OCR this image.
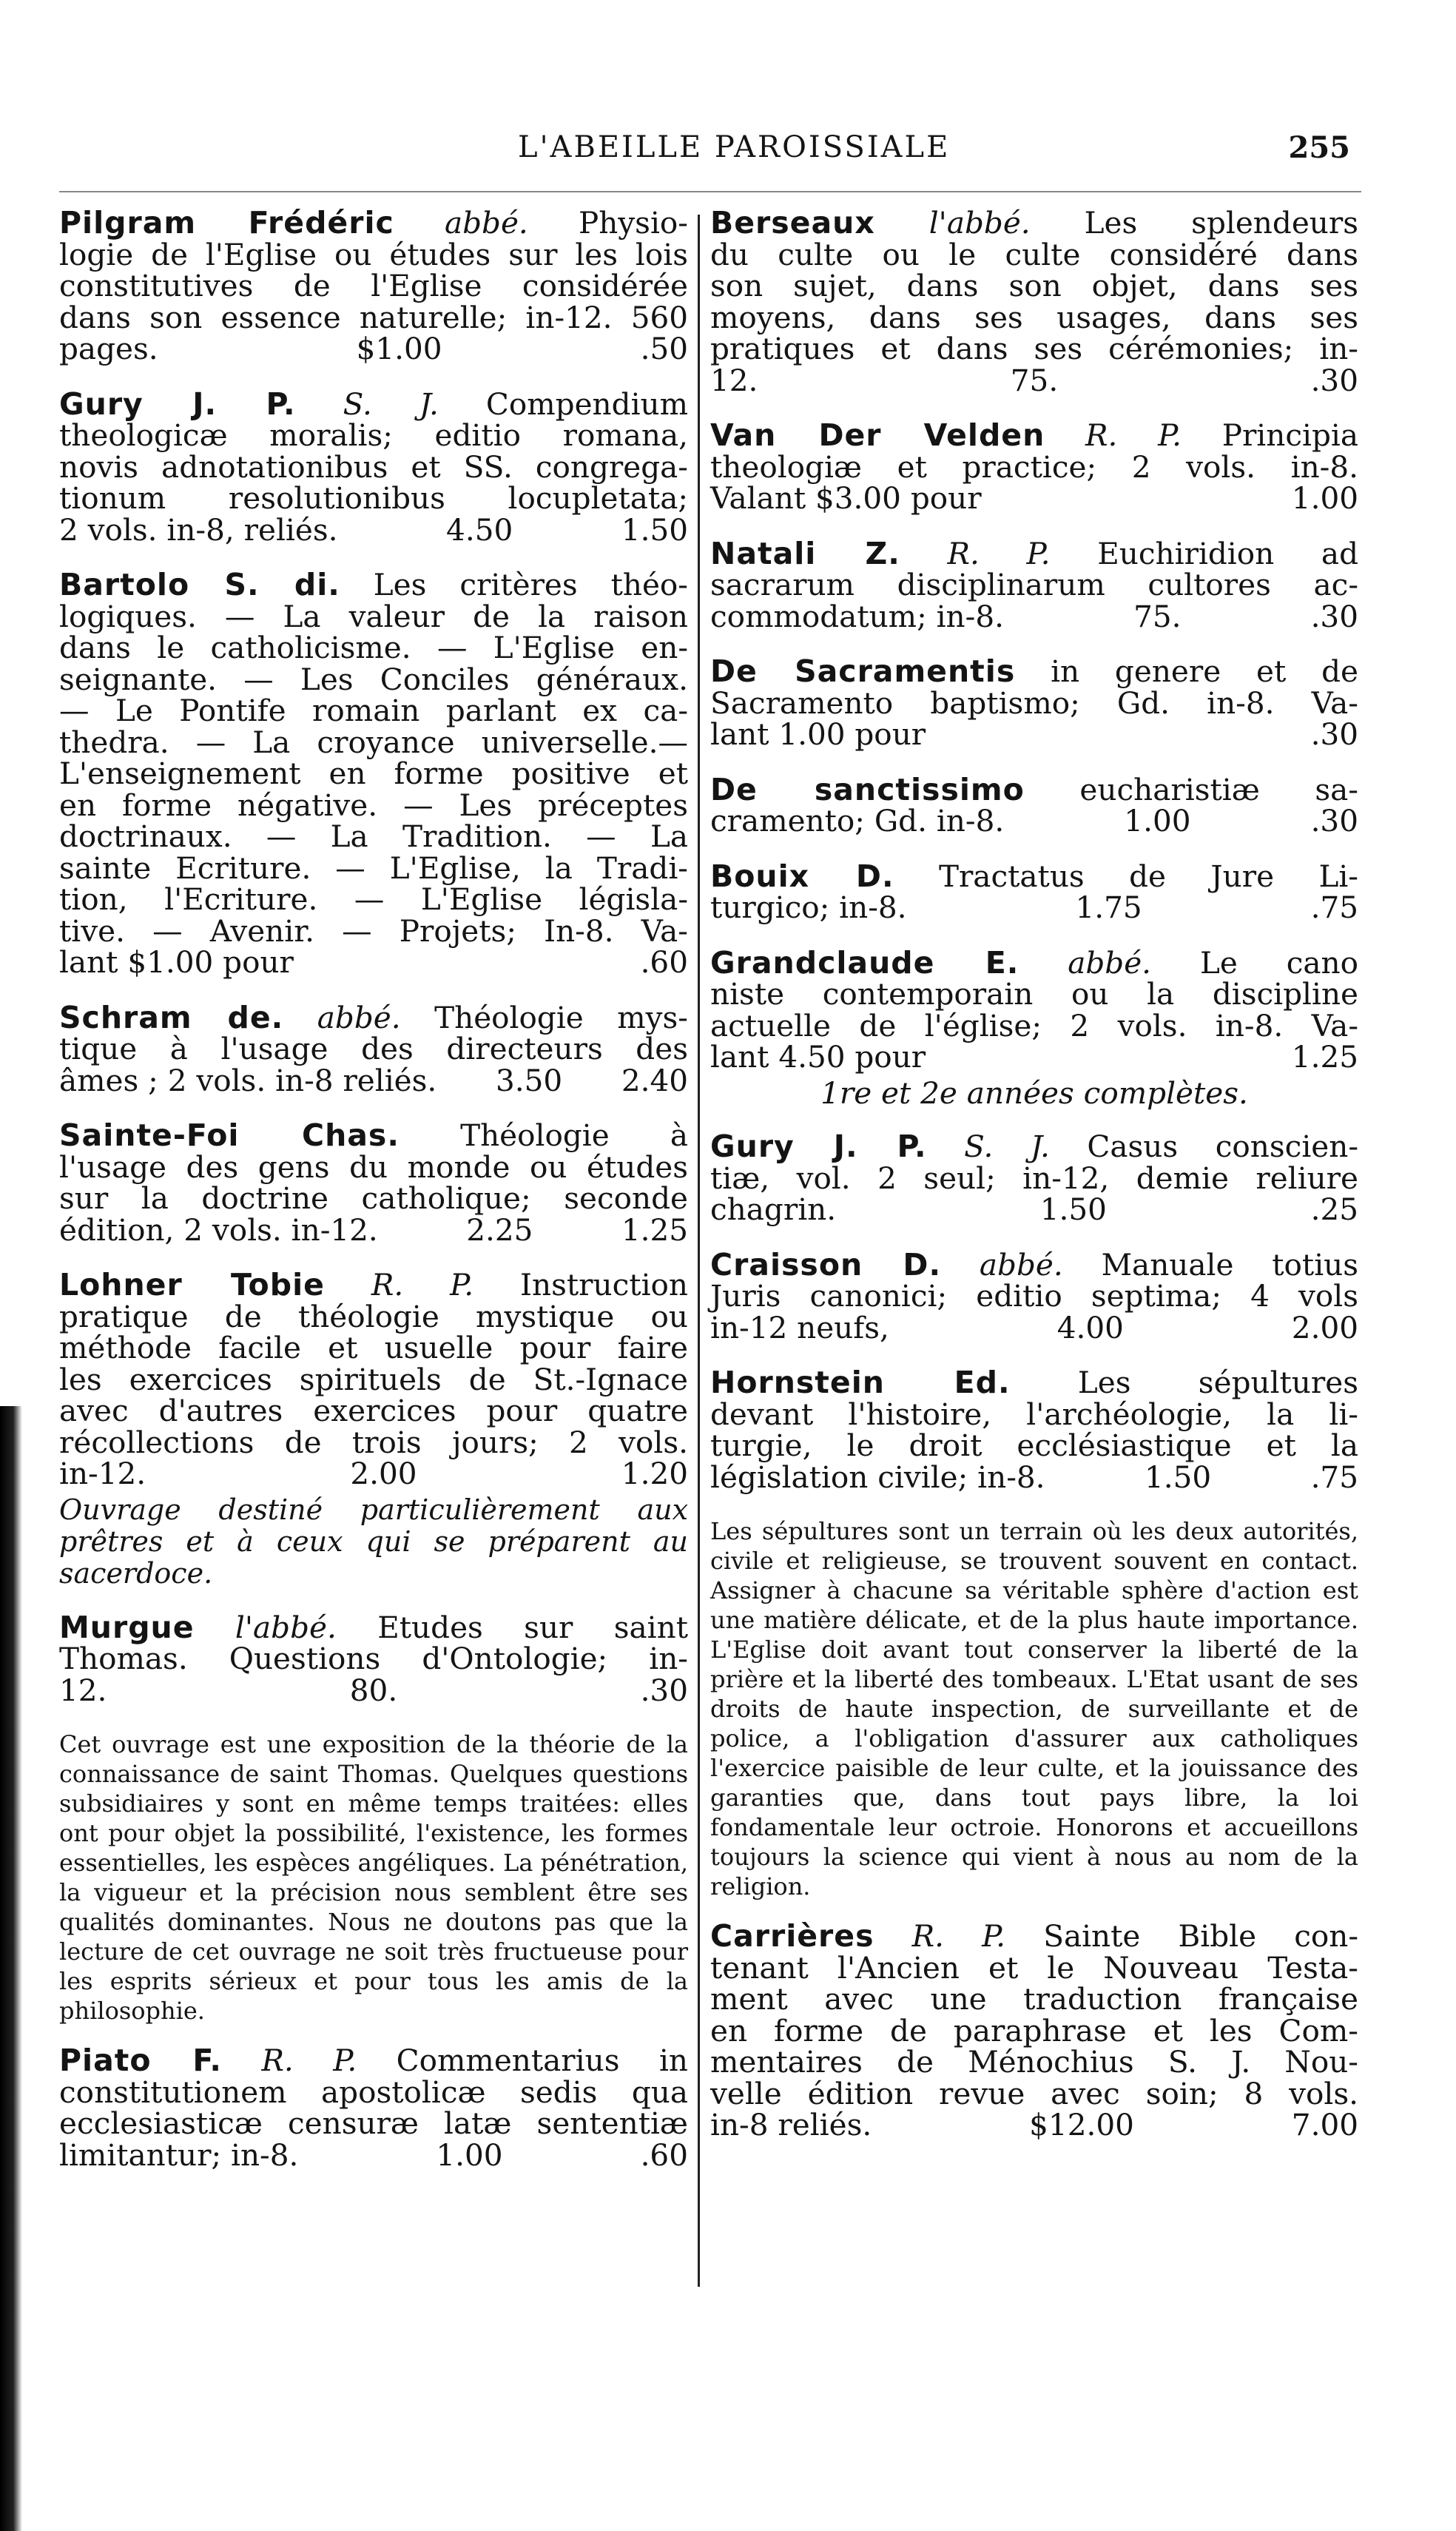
L'ABEILLE PAROISSIALE	255

Pilgram Frédéric abbé. Physio-

logie de l'Eglise ou études sur les lois

constitutives de l'Eglise considérée

dans son essence naturelle; in-12. 560

pages.	$1.00	.50

Gury J. P. S. J. Compendium

theologicæ moralis; editio romana,

novis adnotationibus et SS. congrega-

tionum resolutionibus locupletata;

2 vols. in-8, reliés.	4.50	1.50

Bartolo S. di. Les critères théo-

logiques. — La valeur de la raison

dans le catholicisme. — L'Eglise en-

seignante. — Les Conciles généraux.

— Le Pontife romain parlant ex ca-

thedra. — La croyance universelle.—

L'enseignement en forme positive et

en forme négative. — Les préceptes

doctrinaux. — La Tradition. — La

sainte Ecriture. — L'Eglise, la Tradi-

tion, l'Ecriture. — L'Eglise législa-

tive. — Avenir. — Projets; In-8. Va-

lant $1.00 pour	.60

Schram de. abbé. Théologie mys-

tique à l'usage des directeurs des

âmes ; 2 vols. in-8 reliés. 3.50 2.40

Sainte-Foi Chas. Théologie à

l'usage des gens du monde ou études

sur la doctrine catholique; seconde

édition, 2 vols. in-12.	2.25	1.25

Lohner Tobie R. P. Instruction

pratique de théologie mystique ou

méthode facile et usuelle pour faire

les exercices spirituels de St.-Ignace

avec d'autres exercices pour quatre

récollections de trois jours; 2 vols.

in-12.	2.00	1.20

Ouvrage destiné particulièrement aux prêtres et à ceux qui se préparent au sacerdoce.

Murgue l'abbé. Etudes sur saint

Thomas. Questions d'Ontologie; in-

12.	80.	.30

Cet ouvrage est une exposition de la théorie de la connaissance de saint Thomas. Quelques questions subsidiaires y sont en même temps traitées: elles ont pour objet la possibilité, l'existence, les formes essentielles, les espèces angéliques. La pénétration, la vigueur et la précision nous semblent être ses qualités dominantes. Nous ne doutons pas que la lecture de cet ouvrage ne soit très fructueuse pour les esprits sérieux et pour tous les amis de la philosophie.

Piato F. R. P. Commentarius in

constitutionem apostolicæ sedis qua

ecclesiasticæ censuræ latæ sententiæ

limitantur; in-8.	1.00	.60

Berseaux l'abbé. Les splendeurs

du culte ou le culte considéré dans

son sujet, dans son objet, dans ses

moyens, dans ses usages, dans ses

pratiques et dans ses cérémonies; in-

12.	75.	.30

Van Der Velden R. P. Principia

theologiæ et practice; 2 vols. in-8.

Valant $3.00 pour	1.00

Natali Z. R. P. Euchiridion ad

sacrarum disciplinarum cultores ac-

commodatum; in-8.	75.	.30

De Sacramentis in genere et de

Sacramento baptismo; Gd. in-8. Va-

lant 1.00 pour	.30

De sanctissimo eucharistiæ sa-

cramento; Gd. in-8.	1.00	.30

Bouix D. Tractatus de Jure Li-

turgico; in-8.	1.75	.75

Grandclaude E. abbé. Le cano

niste contemporain ou la discipline

actuelle de l'église; 2 vols. in-8. Va-

lant 4.50 pour	1.25

1re et 2e années complètes.

Gury J. P. S. J. Casus conscien-

tiæ, vol. 2 seul; in-12, demie reliure

chagrin.	1.50	.25

Craisson D. abbé. Manuale totius

Juris canonici; editio septima; 4 vols

in-12 neufs,	4.00	2.00

Hornstein Ed. Les sépultures

devant l'histoire, l'archéologie, la li-

turgie, le droit ecclésiastique et la

législation civile; in-8.	1.50	.75

Les sépultures sont un terrain où les deux autorités, civile et religieuse, se trouvent souvent en contact. Assigner à chacune sa véritable sphère d'action est une matière délicate, et de la plus haute importance. L'Eglise doit avant tout conserver la liberté de la prière et la liberté des tombeaux. L'Etat usant de ses droits de haute inspection, de surveillante et de police, a l'obligation d'assurer aux catholiques l'exercice paisible de leur culte, et la jouissance des garanties que, dans tout pays libre, la loi fondamentale leur octroie. Honorons et accueillons toujours la science qui vient à nous au nom de la religion.

Carrières R. P. Sainte Bible con-

tenant l'Ancien et le Nouveau Testa-

ment avec une traduction française

en forme de paraphrase et les Com-

mentaires de Ménochius S. J. Nou-

velle édition revue avec soin; 8 vols.

in-8 reliés.	$12.00	7.00
